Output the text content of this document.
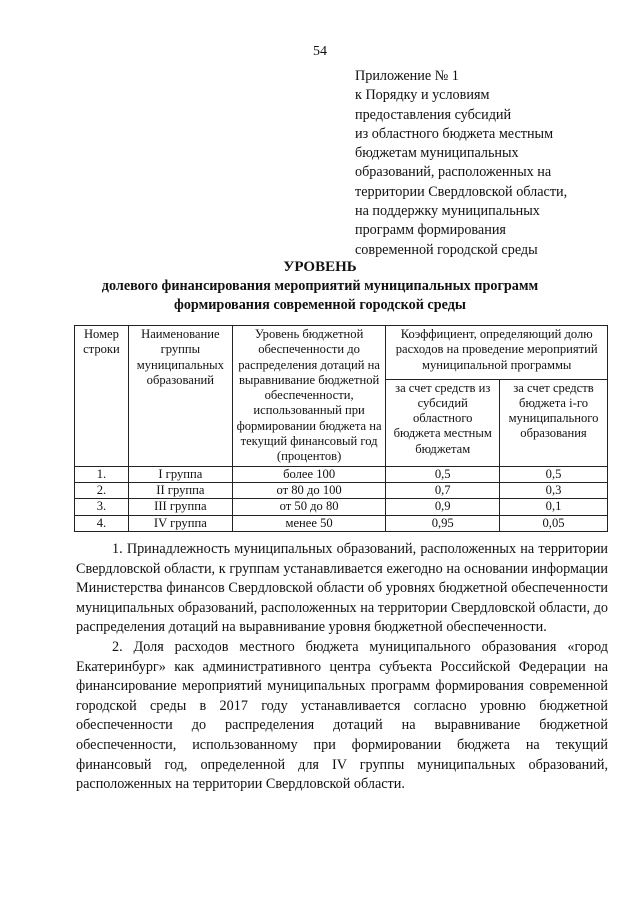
54
Приложение № 1
к Порядку и условиям
предоставления субсидий
из областного бюджета местным
бюджетам муниципальных
образований, расположенных на
территории Свердловской области,
на поддержку муниципальных
программ формирования
современной городской среды
УРОВЕНЬ
долевого финансирования мероприятий муниципальных программ
формирования современной городской среды
Номер строки	Наименование группы муниципальных образований	Уровень бюджетной обеспеченности до распределения дотаций на выравнивание бюджетной обеспеченности, использованный при формировании бюджета на текущий финансовый год (процентов)	Коэффициент, определяющий долю расходов на проведение мероприятий муниципальной программы	
			за счет средств из субсидий областного бюджета местным бюджетам	за счет средств бюджета i-го муниципального образования
1.	I группа	более 100	0,5	0,5
2.	II группа	от 80 до 100	0,7	0,3
3.	III группа	от 50 до 80	0,9	0,1
4.	IV группа	менее 50	0,95	0,05

1. Принадлежность муниципальных образований, расположенных на территории Свердловской области, к группам устанавливается ежегодно на основании информации Министерства финансов Свердловской области об уровнях бюджетной обеспеченности муниципальных образований, расположенных на территории Свердловской области, до распределения дотаций на выравнивание уровня бюджетной обеспеченности.

2. Доля расходов местного бюджета муниципального образования «город Екатеринбург» как административного центра субъекта Российской Федерации на финансирование мероприятий муниципальных программ формирования современной городской среды в 2017 году устанавливается согласно уровню бюджетной обеспеченности до распределения дотаций на выравнивание бюджетной обеспеченности, использованному при формировании бюджета на текущий финансовый год, определенной для IV группы муниципальных образований, расположенных на территории Свердловской области.
